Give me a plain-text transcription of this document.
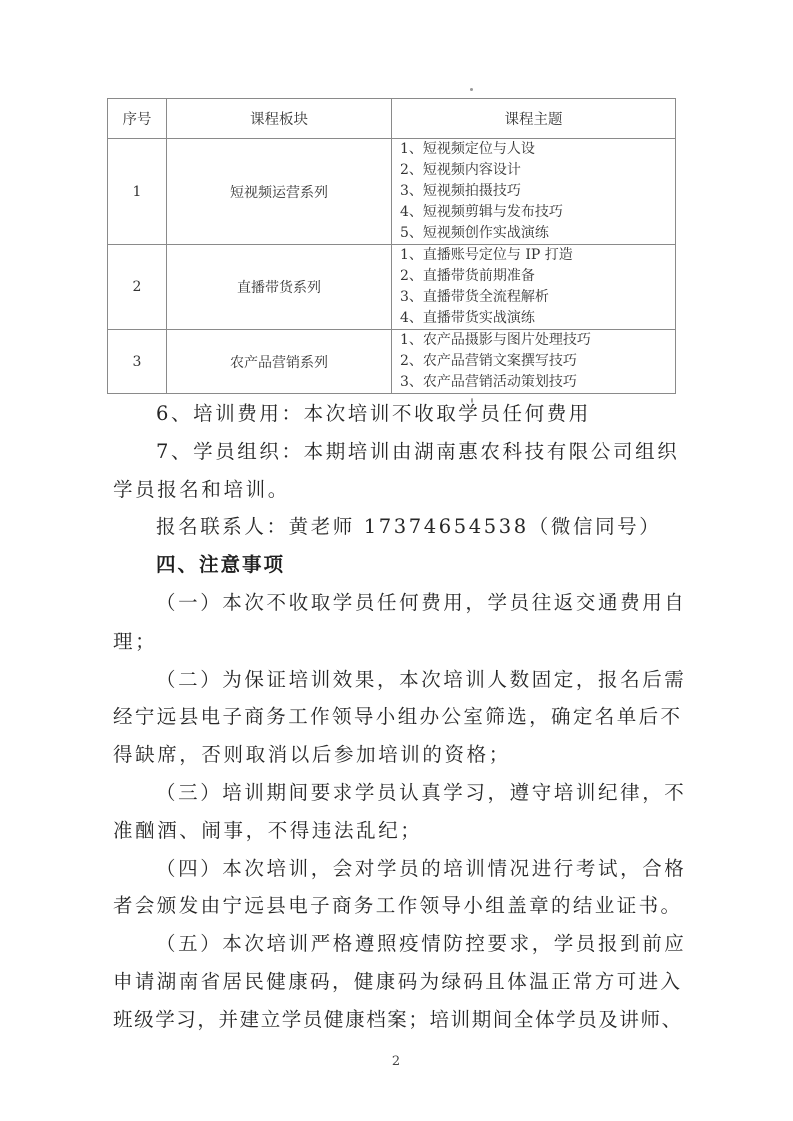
序号	课程板块	课程主题
1	短视频运营系列	1、短视频定位与人设
2、短视频内容设计
3、短视频拍摄技巧
4、短视频剪辑与发布技巧
5、短视频创作实战演练

2	直播带货系列	1、直播账号定位与 IP 打造
2、直播带货前期准备
3、直播带货全流程解析
4、直播带货实战演练

3	农产品营销系列	1、农产品摄影与图片处理技巧
2、农产品营销文案撰写技巧
3、农产品营销活动策划技巧
6、培训费用：本次培训不收取学员任何费用
7、学员组织：本期培训由湖南惠农科技有限公司组织
学员报名和培训。
报名联系人：黄老师 17374654538（微信同号）
四、注意事项
（一）本次不收取学员任何费用，学员往返交通费用自
理；
（二）为保证培训效果，本次培训人数固定，报名后需
经宁远县电子商务工作领导小组办公室筛选，确定名单后不
得缺席，否则取消以后参加培训的资格；
（三）培训期间要求学员认真学习，遵守培训纪律，不
准酗酒、闹事，不得违法乱纪；
（四）本次培训，会对学员的培训情况进行考试，合格
者会颁发由宁远县电子商务工作领导小组盖章的结业证书。
（五）本次培训严格遵照疫情防控要求，学员报到前应
申请湖南省居民健康码，健康码为绿码且体温正常方可进入
班级学习，并建立学员健康档案；培训期间全体学员及讲师、
2
